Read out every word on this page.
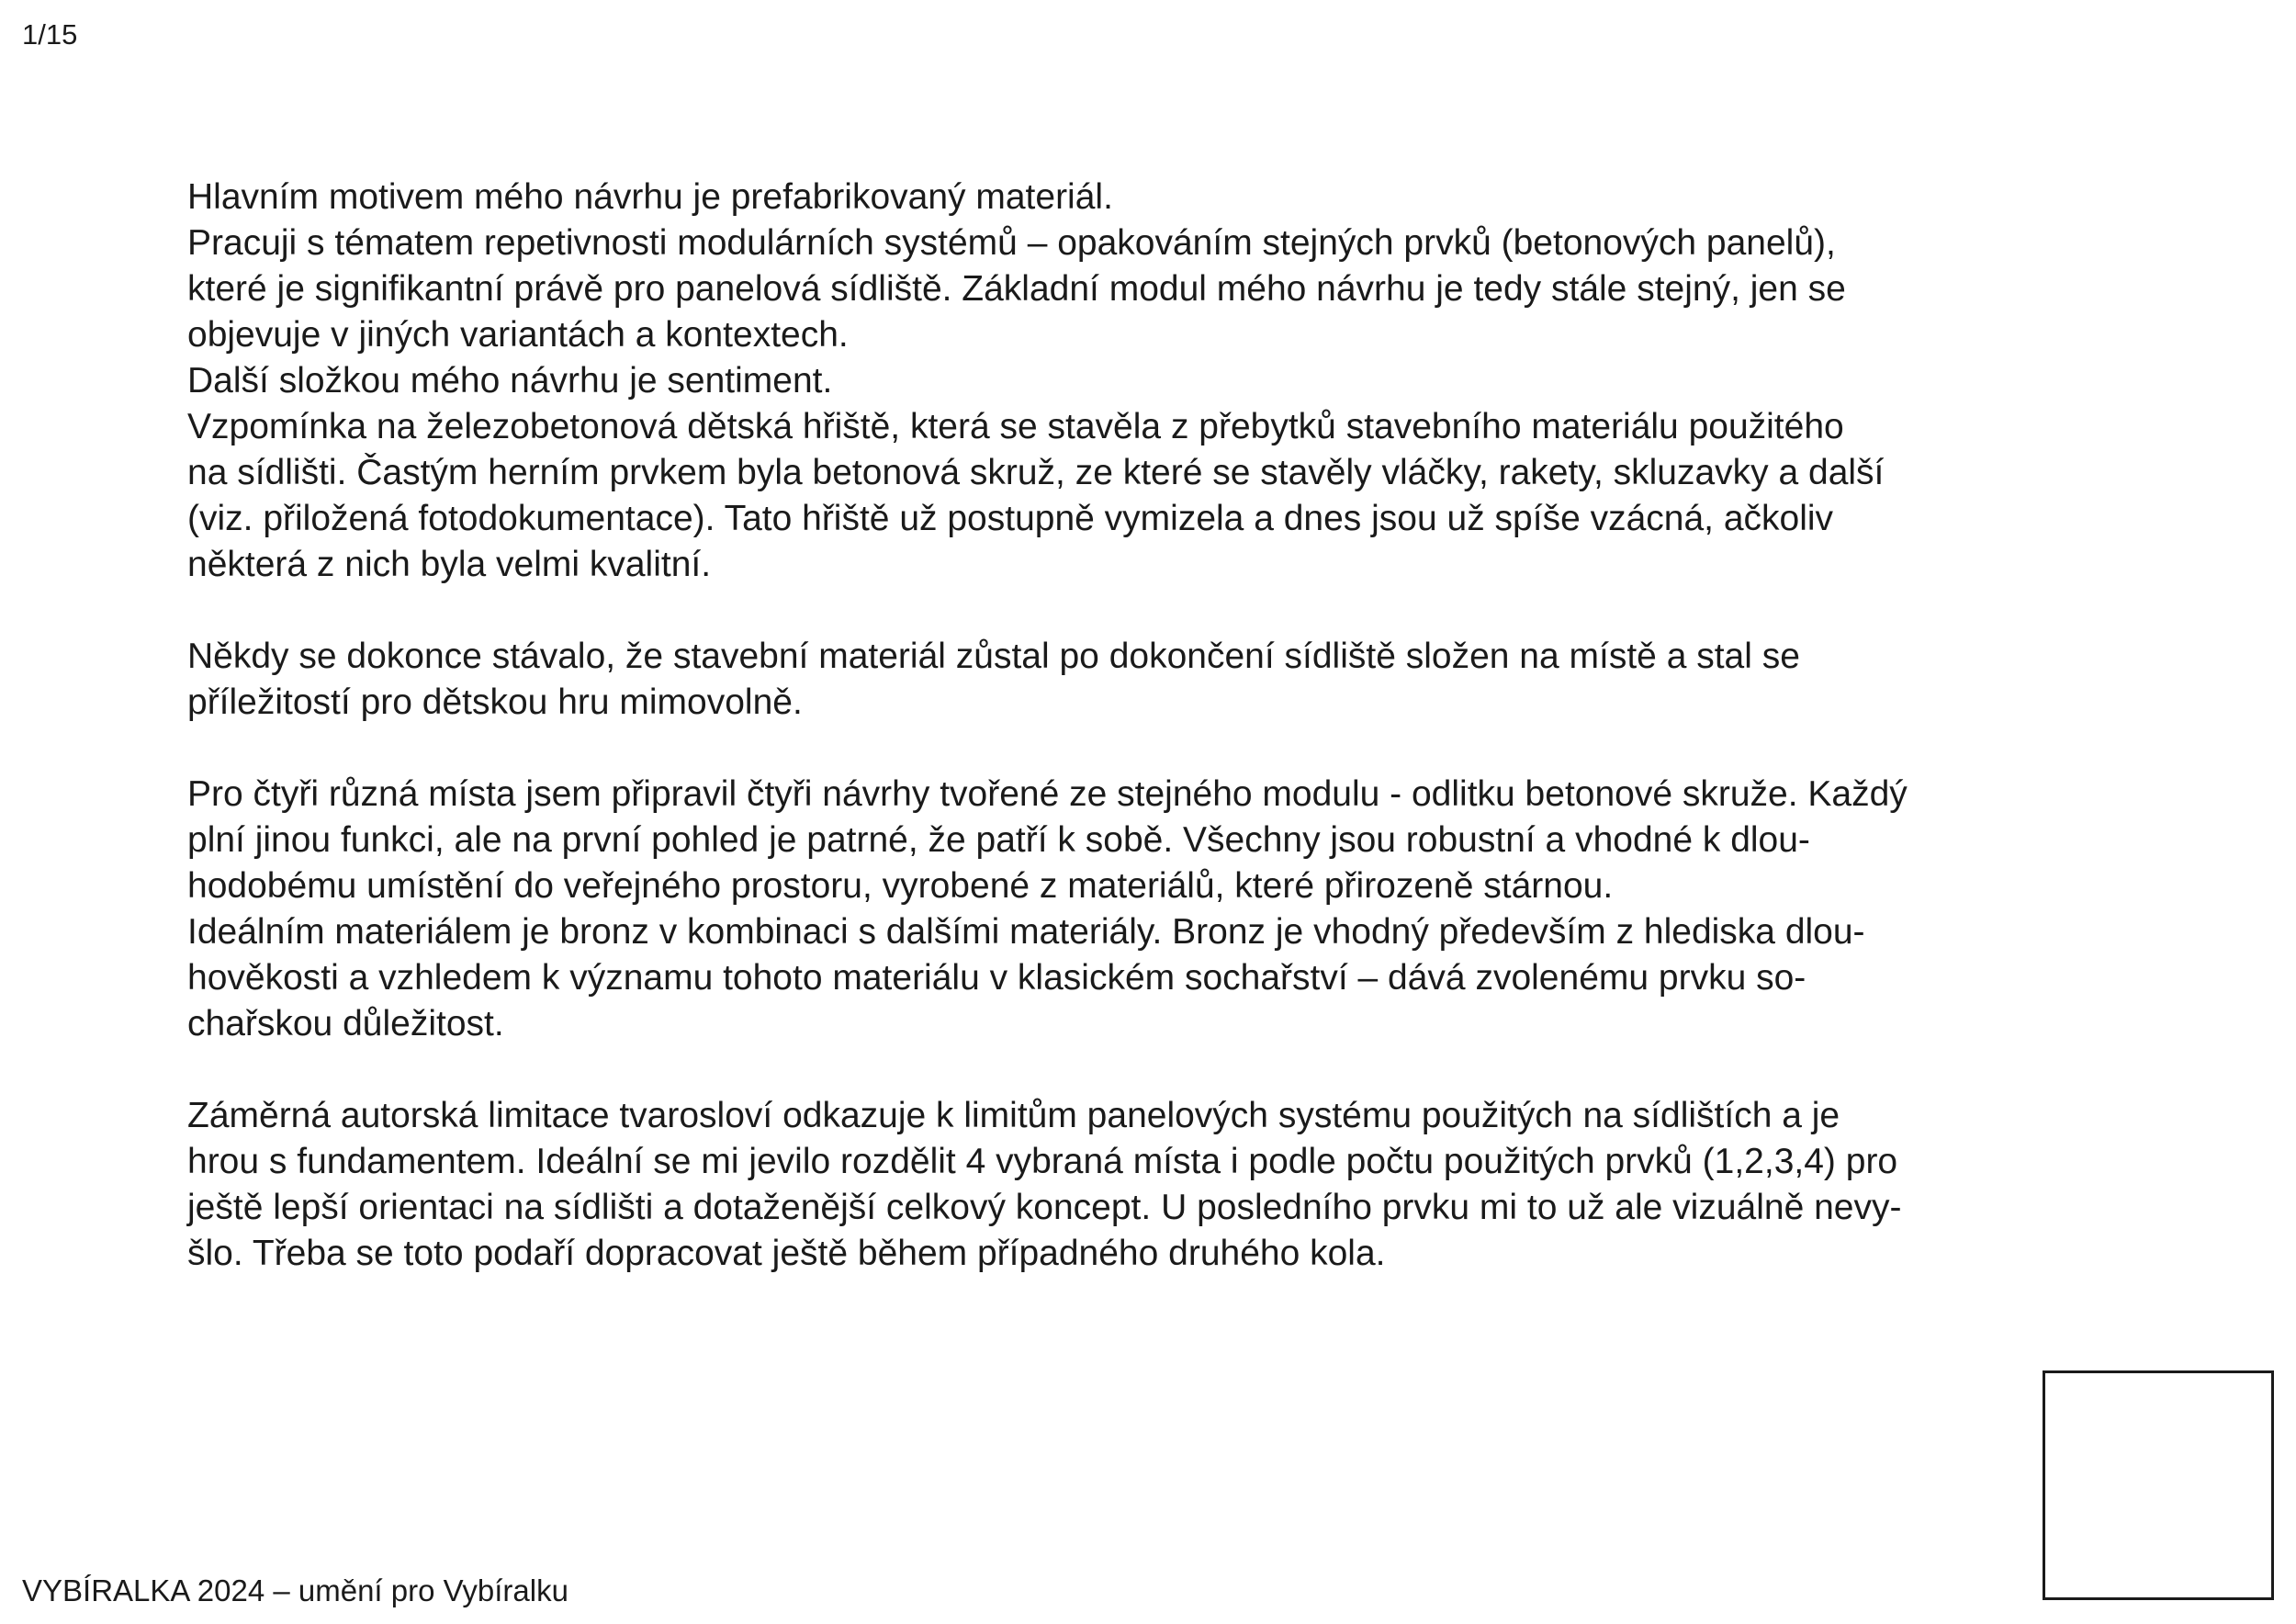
1/15
Hlavním motivem mého návrhu je prefabrikovaný materiál.
Pracuji s tématem repetivnosti modulárních systémů – opakováním stejných prvků (betonových panelů),
které je signifikantní právě pro panelová sídliště. Základní modul mého návrhu je tedy stále stejný, jen se
objevuje v jiných variantách a kontextech.
Další složkou mého návrhu je sentiment.
Vzpomínka na železobetonová dětská hřiště, která se stavěla z přebytků stavebního materiálu použitého
na sídlišti. Častým herním prvkem byla betonová skruž, ze které se stavěly vláčky, rakety, skluzavky a další
(viz. přiložená fotodokumentace). Tato hřiště už postupně vymizela a dnes jsou už spíše vzácná, ačkoliv
některá z nich byla velmi kvalitní.
Někdy se dokonce stávalo, že stavební materiál zůstal po dokončení sídliště složen na místě a stal se
příležitostí pro dětskou hru mimovolně.
Pro čtyři různá místa jsem připravil čtyři návrhy tvořené ze stejného modulu - odlitku betonové skruže. Každý
plní jinou funkci, ale na první pohled je patrné, že patří k sobě. Všechny jsou robustní a vhodné k dlou-
hodobému umístění do veřejného prostoru, vyrobené z materiálů, které přirozeně stárnou.
Ideálním materiálem je bronz v kombinaci s dalšími materiály. Bronz je vhodný především z hlediska dlou-
hověkosti a vzhledem k významu tohoto materiálu v klasickém sochařství – dává zvolenému prvku so-
chařskou důležitost.
Záměrná autorská limitace tvarosloví odkazuje k limitům panelových systému použitých na sídlištích a je
hrou s fundamentem. Ideální se mi jevilo rozdělit 4 vybraná místa i podle počtu použitých prvků (1,2,3,4) pro
ještě lepší orientaci na sídlišti a dotaženější celkový koncept. U posledního prvku mi to už ale vizuálně nevy-
šlo. Třeba se toto podaří dopracovat ještě během případného druhého kola.
VYBÍRALKA 2024 – umění pro Vybíralku
